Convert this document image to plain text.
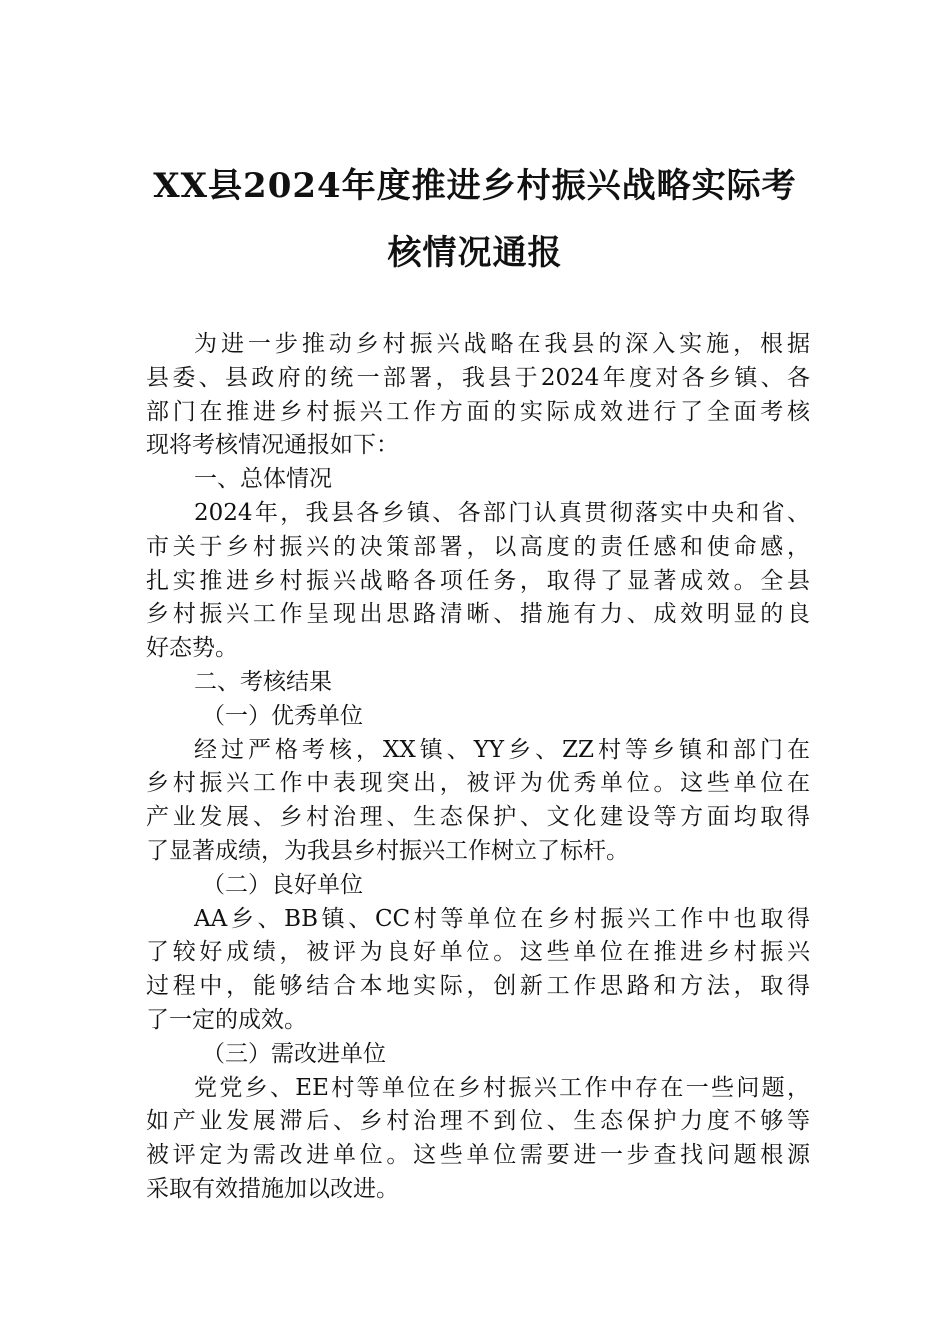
XX县2024年度推进乡村振兴战略实际考
核情况通报
为进一步推动乡村振兴战略在我县的深入实施，根据
县委、县政府的统一部署，我县于2024年度对各乡镇、各
部门在推进乡村振兴工作方面的实际成效进行了全面考核
现将考核情况通报如下：
一、总体情况
2024年，我县各乡镇、各部门认真贯彻落实中央和省、
市关于乡村振兴的决策部署，以高度的责任感和使命感，
扎实推进乡村振兴战略各项任务，取得了显著成效。全县
乡村振兴工作呈现出思路清晰、措施有力、成效明显的良
好态势。
二、考核结果
（一）优秀单位
经过严格考核，XX镇、YY乡、ZZ村等乡镇和部门在
乡村振兴工作中表现突出，被评为优秀单位。这些单位在
产业发展、乡村治理、生态保护、文化建设等方面均取得
了显著成绩，为我县乡村振兴工作树立了标杆。
（二）良好单位
AA乡、BB镇、CC村等单位在乡村振兴工作中也取得
了较好成绩，被评为良好单位。这些单位在推进乡村振兴
过程中，能够结合本地实际，创新工作思路和方法，取得
了一定的成效。
（三）需改进单位
党党乡、EE村等单位在乡村振兴工作中存在一些问题，
如产业发展滞后、乡村治理不到位、生态保护力度不够等
被评定为需改进单位。这些单位需要进一步查找问题根源
采取有效措施加以改进。
